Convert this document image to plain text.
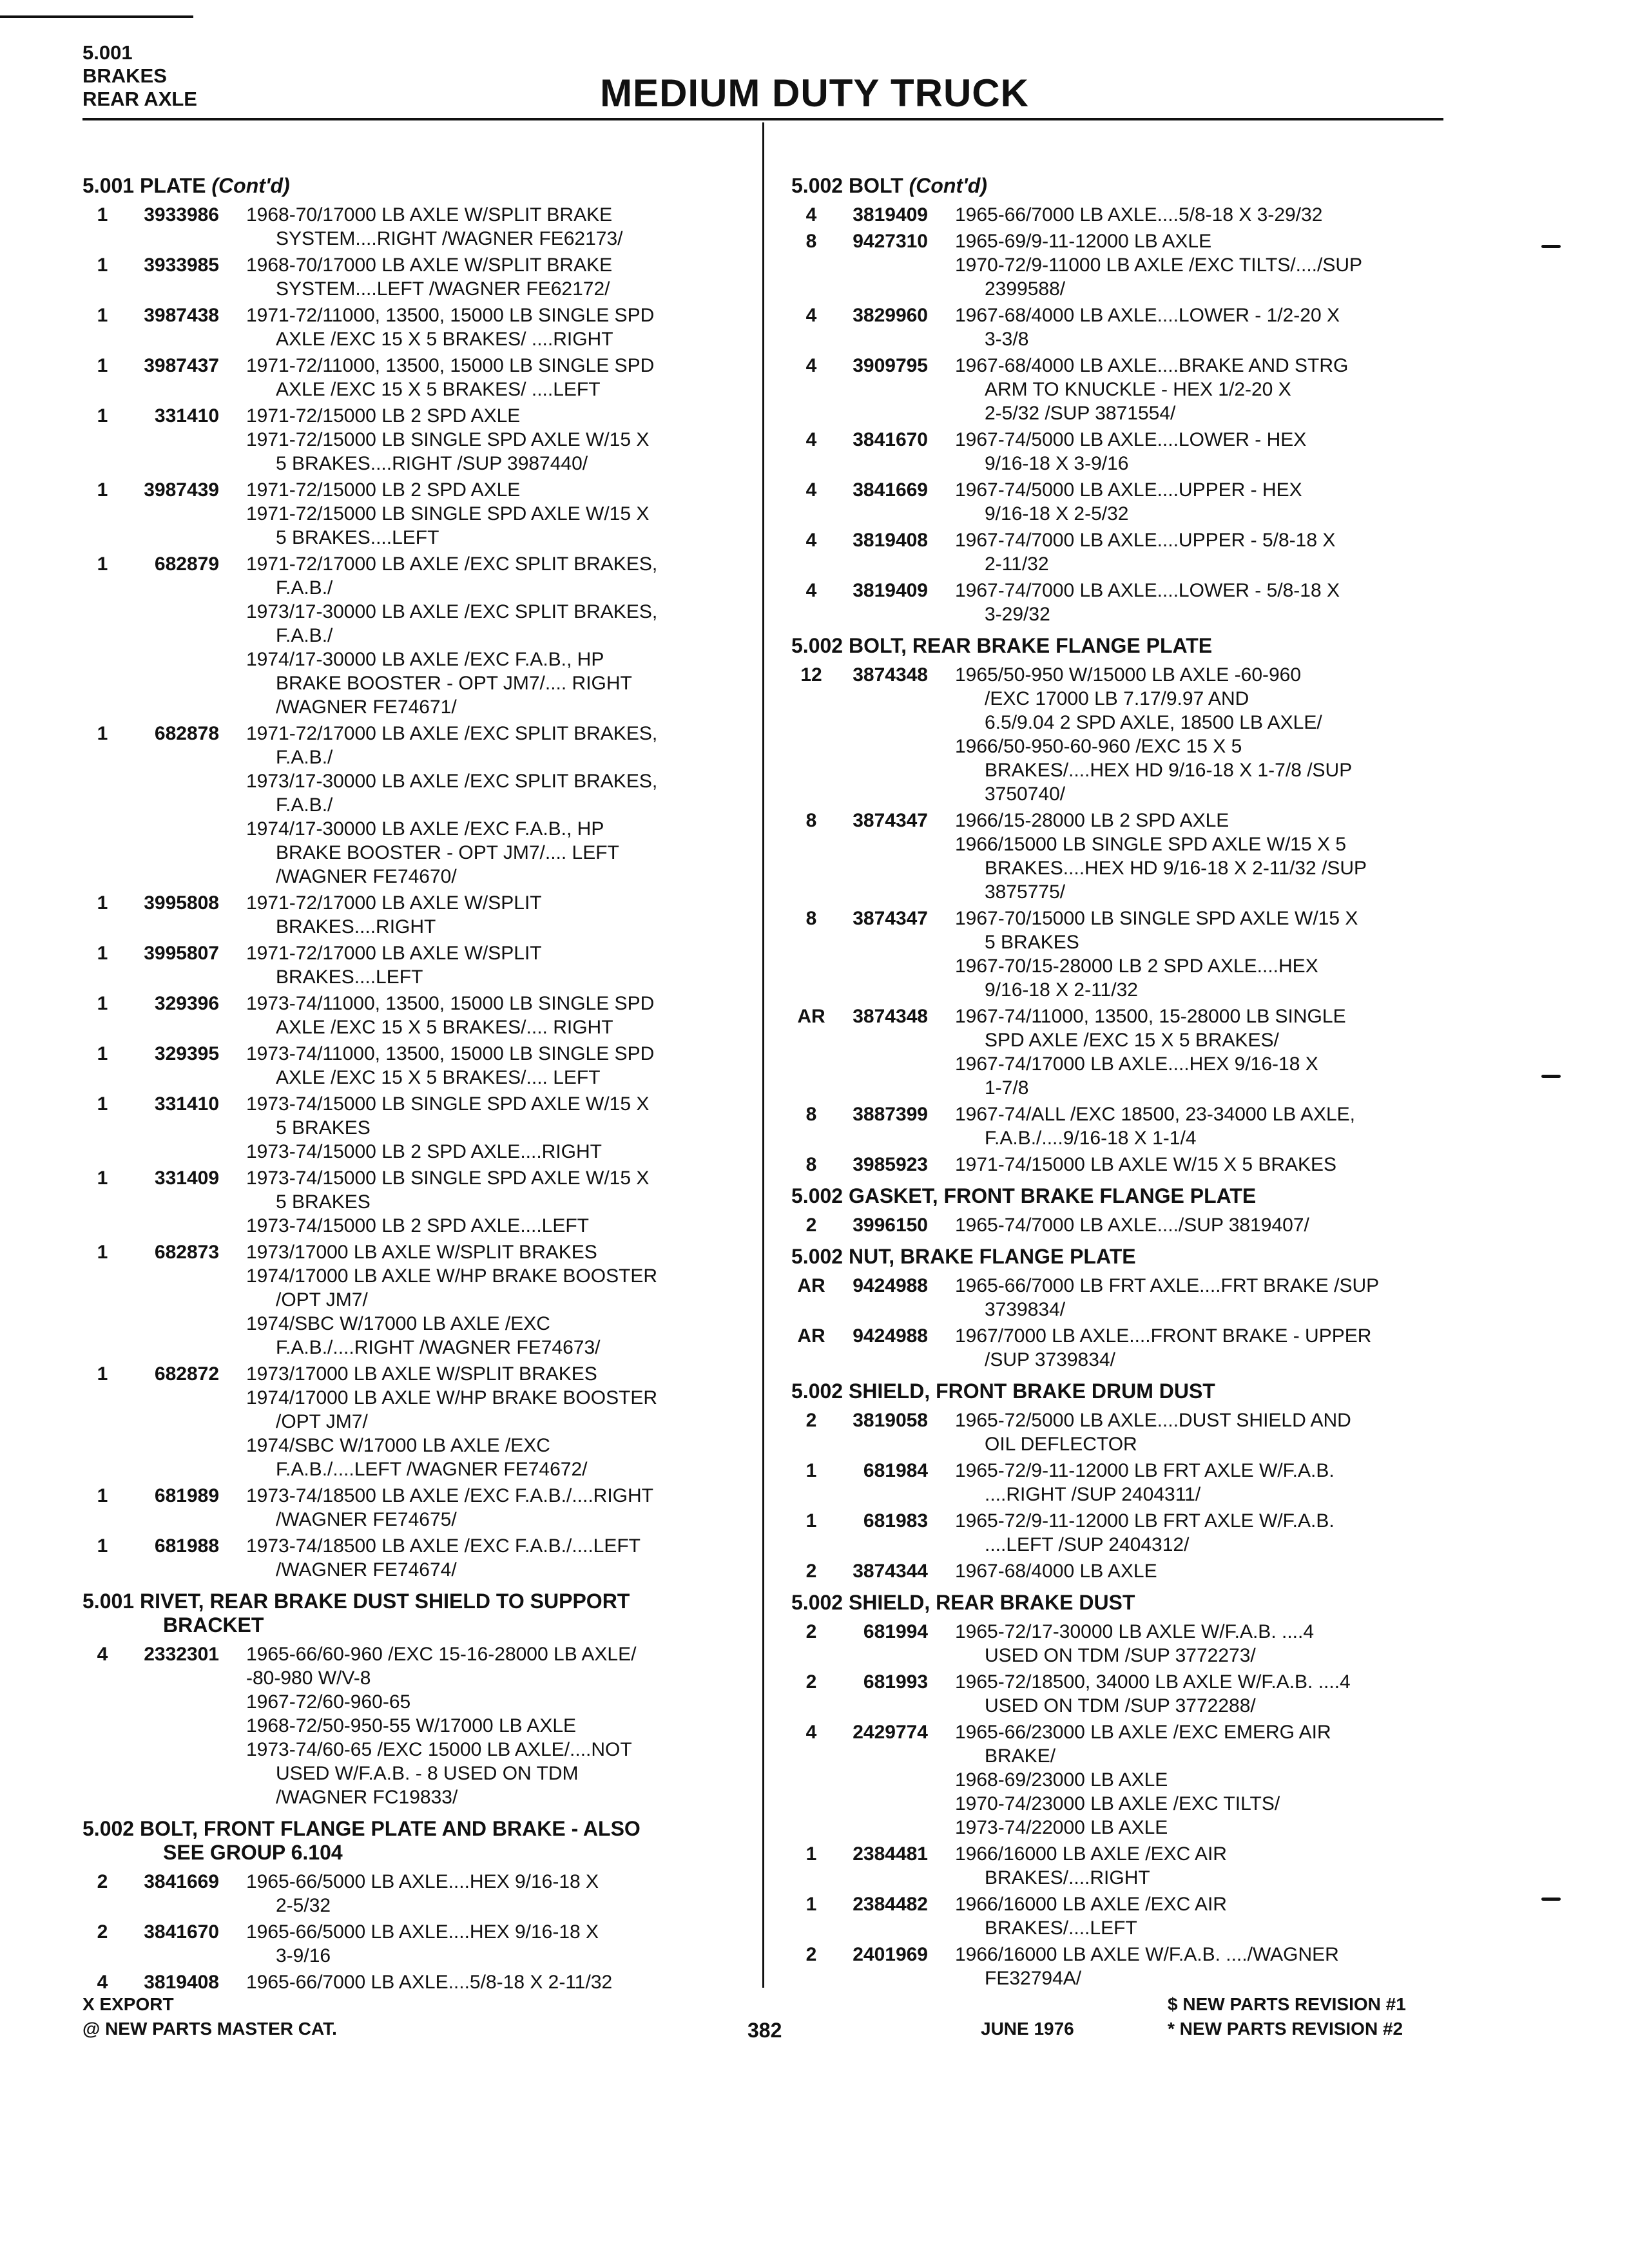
5.001
BRAKES
REAR AXLE	MEDIUM DUTY TRUCK
5.001 PLATE (Cont'd)
1	3933986 1968-70/17000 LB AXLE W/SPLIT BRAKE
SYSTEM....RIGHT /WAGNER FE62173/
1	3933985 1968-70/17000 LB AXLE W/SPLIT BRAKE
SYSTEM....LEFT /WAGNER FE62172/
1	3987438 1971-72/11000, 13500, 15000 LB SINGLE SPD
AXLE /EXC 15 X 5 BRAKES/ ....RIGHT
1	3987437 1971-72/11000, 13500, 15000 LB SINGLE SPD
AXLE /EXC 15 X 5 BRAKES/ ....LEFT
1	331410 1971-72/15000 LB 2 SPD AXLE
1971-72/15000 LB SINGLE SPD AXLE W/15 X
5 BRAKES....RIGHT /SUP 3987440/
1	3987439 1971-72/15000 LB 2 SPD AXLE
1971-72/15000 LB SINGLE SPD AXLE W/15 X
5 BRAKES....LEFT
1	682879 1971-72/17000 LB AXLE /EXC SPLIT BRAKES,
F.A.B./
1973/17-30000 LB AXLE /EXC SPLIT BRAKES,
F.A.B./
1974/17-30000 LB AXLE /EXC F.A.B., HP
BRAKE BOOSTER - OPT JM7/.... RIGHT
/WAGNER FE74671/
1	682878 1971-72/17000 LB AXLE /EXC SPLIT BRAKES,
F.A.B./
1973/17-30000 LB AXLE /EXC SPLIT BRAKES,
F.A.B./
1974/17-30000 LB AXLE /EXC F.A.B., HP
BRAKE BOOSTER - OPT JM7/.... LEFT
/WAGNER FE74670/
1	3995808 1971-72/17000 LB AXLE W/SPLIT
BRAKES....RIGHT
1	3995807 1971-72/17000 LB AXLE W/SPLIT
BRAKES....LEFT
1	329396 1973-74/11000, 13500, 15000 LB SINGLE SPD
AXLE /EXC 15 X 5 BRAKES/.... RIGHT
1	329395 1973-74/11000, 13500, 15000 LB SINGLE SPD
AXLE /EXC 15 X 5 BRAKES/.... LEFT
1	331410 1973-74/15000 LB SINGLE SPD AXLE W/15 X
5 BRAKES
1973-74/15000 LB 2 SPD AXLE....RIGHT
1	331409 1973-74/15000 LB SINGLE SPD AXLE W/15 X
5 BRAKES
1973-74/15000 LB 2 SPD AXLE....LEFT
1	682873 1973/17000 LB AXLE W/SPLIT BRAKES
1974/17000 LB AXLE W/HP BRAKE BOOSTER
/OPT JM7/
1974/SBC W/17000 LB AXLE /EXC
F.A.B./....RIGHT /WAGNER FE74673/
1	682872 1973/17000 LB AXLE W/SPLIT BRAKES
1974/17000 LB AXLE W/HP BRAKE BOOSTER
/OPT JM7/
1974/SBC W/17000 LB AXLE /EXC
F.A.B./....LEFT /WAGNER FE74672/
1	681989 1973-74/18500 LB AXLE /EXC F.A.B./....RIGHT
/WAGNER FE74675/
1	681988 1973-74/18500 LB AXLE /EXC F.A.B./....LEFT
/WAGNER FE74674/
5.001 RIVET, REAR BRAKE DUST SHIELD TO SUPPORT
BRACKET
4	2332301 1965-66/60-960 /EXC 15-16-28000 LB AXLE/
-80-980 W/V-8
1967-72/60-960-65
1968-72/50-950-55 W/17000 LB AXLE
1973-74/60-65 /EXC 15000 LB AXLE/....NOT
USED W/F.A.B. - 8 USED ON TDM
/WAGNER FC19833/
5.002 BOLT, FRONT FLANGE PLATE AND BRAKE - ALSO
SEE GROUP 6.104
2	3841669 1965-66/5000 LB AXLE....HEX 9/16-18 X
2-5/32
2	3841670 1965-66/5000 LB AXLE....HEX 9/16-18 X
3-9/16
4	3819408 1965-66/7000 LB AXLE....5/8-18 X 2-11/32
5.002 BOLT (Cont'd)
4	3819409 1965-66/7000 LB AXLE....5/8-18 X 3-29/32
8	9427310 1965-69/9-11-12000 LB AXLE
1970-72/9-11000 LB AXLE /EXC TILTS/..../SUP
2399588/
4	3829960 1967-68/4000 LB AXLE....LOWER - 1/2-20 X
3-3/8
4	3909795 1967-68/4000 LB AXLE....BRAKE AND STRG
ARM TO KNUCKLE - HEX 1/2-20 X
2-5/32 /SUP 3871554/
4	3841670 1967-74/5000 LB AXLE....LOWER - HEX
9/16-18 X 3-9/16
4	3841669 1967-74/5000 LB AXLE....UPPER - HEX
9/16-18 X 2-5/32
4	3819408 1967-74/7000 LB AXLE....UPPER - 5/8-18 X
2-11/32
4	3819409 1967-74/7000 LB AXLE....LOWER - 5/8-18 X
3-29/32
5.002 BOLT, REAR BRAKE FLANGE PLATE
12	3874348 1965/50-950 W/15000 LB AXLE -60-960
/EXC 17000 LB 7.17/9.97 AND
6.5/9.04 2 SPD AXLE, 18500 LB AXLE/
1966/50-950-60-960 /EXC 15 X 5
BRAKES/....HEX HD 9/16-18 X 1-7/8 /SUP
3750740/
8	3874347 1966/15-28000 LB 2 SPD AXLE
1966/15000 LB SINGLE SPD AXLE W/15 X 5
BRAKES....HEX HD 9/16-18 X 2-11/32 /SUP
3875775/
8	3874347 1967-70/15000 LB SINGLE SPD AXLE W/15 X
5 BRAKES
1967-70/15-28000 LB 2 SPD AXLE....HEX
9/16-18 X 2-11/32
AR	3874348 1967-74/11000, 13500, 15-28000 LB SINGLE
SPD AXLE /EXC 15 X 5 BRAKES/
1967-74/17000 LB AXLE....HEX 9/16-18 X
1-7/8
8	3887399 1967-74/ALL /EXC 18500, 23-34000 LB AXLE,
F.A.B./....9/16-18 X 1-1/4
8	3985923 1971-74/15000 LB AXLE W/15 X 5 BRAKES
5.002 GASKET, FRONT BRAKE FLANGE PLATE
2	3996150 1965-74/7000 LB AXLE..../SUP 3819407/
5.002 NUT, BRAKE FLANGE PLATE
AR	9424988 1965-66/7000 LB FRT AXLE....FRT BRAKE /SUP
3739834/
AR	9424988 1967/7000 LB AXLE....FRONT BRAKE - UPPER
/SUP 3739834/
5.002 SHIELD, FRONT BRAKE DRUM DUST
2	3819058 1965-72/5000 LB AXLE....DUST SHIELD AND
OIL DEFLECTOR
1	681984 1965-72/9-11-12000 LB FRT AXLE W/F.A.B.
....RIGHT /SUP 2404311/
1	681983 1965-72/9-11-12000 LB FRT AXLE W/F.A.B.
....LEFT /SUP 2404312/
2	3874344 1967-68/4000 LB AXLE
5.002 SHIELD, REAR BRAKE DUST
2	681994 1965-72/17-30000 LB AXLE W/F.A.B. ....4
USED ON TDM /SUP 3772273/
2	681993 1965-72/18500, 34000 LB AXLE W/F.A.B. ....4
USED ON TDM /SUP 3772288/
4	2429774 1965-66/23000 LB AXLE /EXC EMERG AIR
BRAKE/
1968-69/23000 LB AXLE
1970-74/23000 LB AXLE /EXC TILTS/
1973-74/22000 LB AXLE
1	2384481 1966/16000 LB AXLE /EXC AIR
BRAKES/....RIGHT
1	2384482 1966/16000 LB AXLE /EXC AIR
BRAKES/....LEFT
2	2401969 1966/16000 LB AXLE W/F.A.B. ..../WAGNER
FE32794A/
X EXPORT
@ NEW PARTS MASTER CAT.	382	JUNE 1976
$ NEW PARTS REVISION #1
* NEW PARTS REVISION #2
